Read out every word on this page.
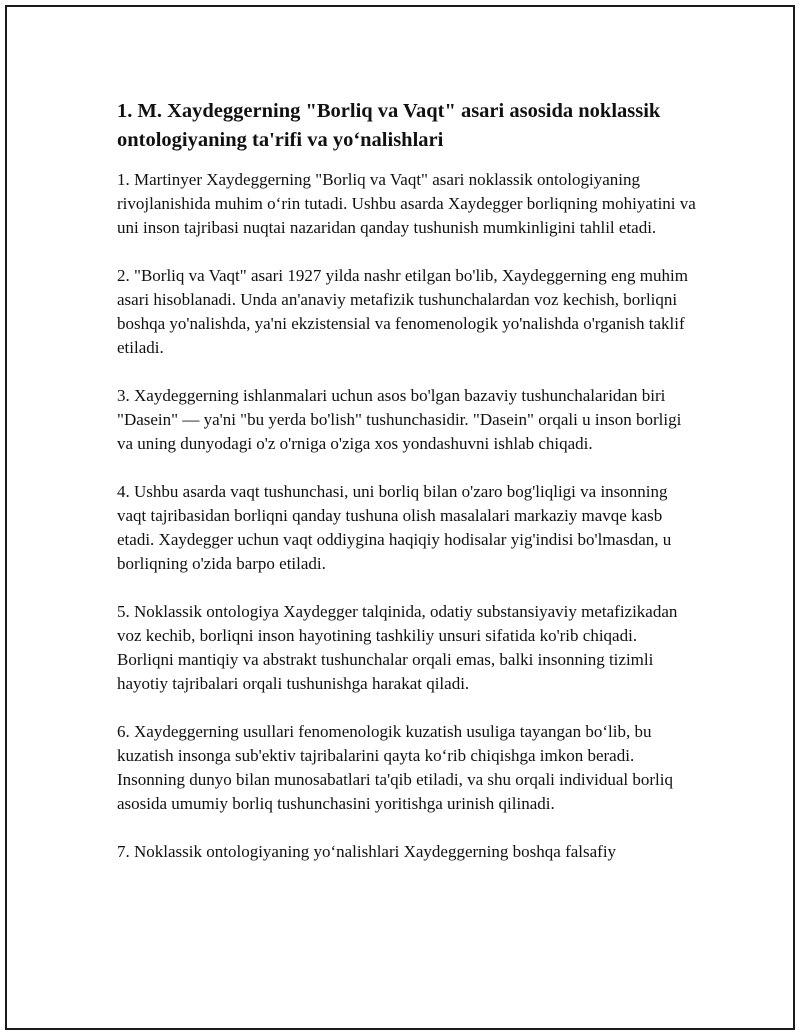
1. M. Xaydeggerning "Borliq va Vaqt" asari asosida noklassik ontologiyaning ta'rifi va yo‘nalishlari

1. Martinyer Xaydeggerning "Borliq va Vaqt" asari noklassik ontologiyaning rivojlanishida muhim o‘rin tutadi. Ushbu asarda Xaydegger borliqning mohiyatini va uni inson tajribasi nuqtai nazaridan qanday tushunish mumkinligini tahlil etadi.

2. "Borliq va Vaqt" asari 1927 yilda nashr etilgan bo'lib, Xaydeggerning eng muhim asari hisoblanadi. Unda an'anaviy metafizik tushunchalardan voz kechish, borliqni boshqa yo'nalishda, ya'ni ekzistensial va fenomenologik yo'nalishda o'rganish taklif etiladi.

3. Xaydeggerning ishlanmalari uchun asos bo'lgan bazaviy tushunchalaridan biri "Dasein" — ya'ni "bu yerda bo'lish" tushunchasidir. "Dasein" orqali u inson borligi va uning dunyodagi o'z o'rniga o'ziga xos yondashuvni ishlab chiqadi.

4. Ushbu asarda vaqt tushunchasi, uni borliq bilan o'zaro bog'liqligi va insonning vaqt tajribasidan borliqni qanday tushuna olish masalalari markaziy mavqe kasb etadi. Xaydegger uchun vaqt oddiygina haqiqiy hodisalar yig'indisi bo'lmasdan, u borliqning o'zida barpo etiladi.

5. Noklassik ontologiya Xaydegger talqinida, odatiy substansiyaviy metafizikadan voz kechib, borliqni inson hayotining tashkiliy unsuri sifatida ko'rib chiqadi. Borliqni mantiqiy va abstrakt tushunchalar orqali emas, balki insonning tizimli hayotiy tajribalari orqali tushunishga harakat qiladi.

6. Xaydeggerning usullari fenomenologik kuzatish usuliga tayangan bo‘lib, bu kuzatish insonga sub'ektiv tajribalarini qayta ko‘rib chiqishga imkon beradi. Insonning dunyo bilan munosabatlari ta'qib etiladi, va shu orqali individual borliq asosida umumiy borliq tushunchasini yoritishga urinish qilinadi.

7. Noklassik ontologiyaning yo‘nalishlari Xaydeggerning boshqa falsafiy
